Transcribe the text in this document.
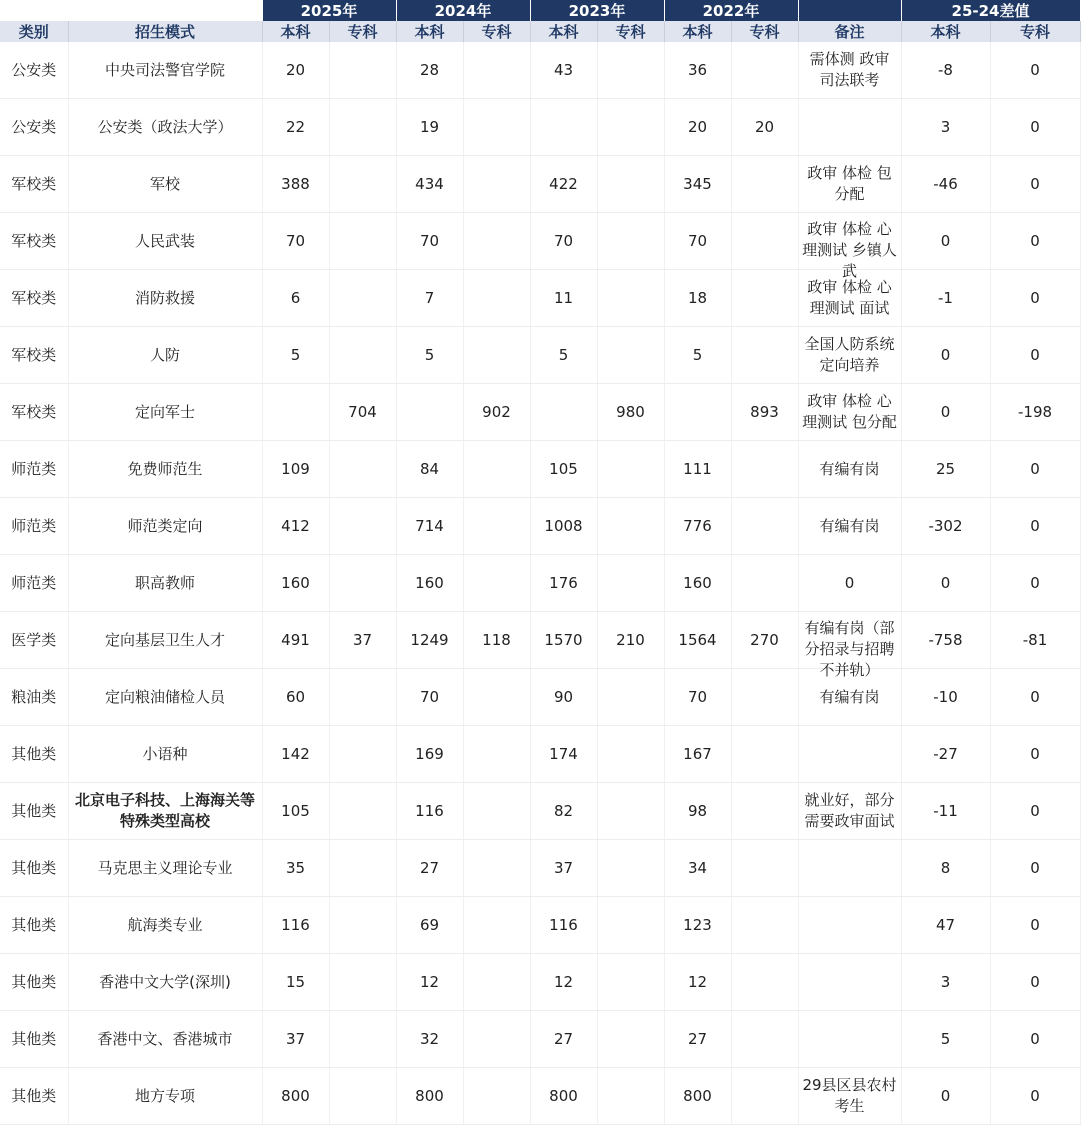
		2025年		2024年		2023年		2022年			25-24差值	
类别	招生模式	本科	专科	本科	专科	本科	专科	本科	专科	备注	本科	专科
公安类	中央司法警官学院	20		28		43		36		需体测 政审 司法联考	-8	0
公安类	公安类（政法大学）	22		19				20	20		3	0
军校类	军校	388		434		422		345		政审 体检 包分配	-46	0
军校类	人民武装	70		70		70		70		政审 体检 心理测试 乡镇人武	0	0
军校类	消防救援	6		7		11		18		政审 体检 心理测试 面试	-1	0
军校类	人防	5		5		5		5		全国人防系统定向培养	0	0
军校类	定向军士		704		902		980		893	政审 体检 心理测试 包分配	0	-198
师范类	免费师范生	109		84		105		111		有编有岗	25	0
师范类	师范类定向	412		714		1008		776		有编有岗	-302	0
师范类	职高教师	160		160		176		160		0	0	0
医学类	定向基层卫生人才	491	37	1249	118	1570	210	1564	270	有编有岗（部分招录与招聘不并轨）	-758	-81
粮油类	定向粮油储检人员	60		70		90		70		有编有岗	-10	0
其他类	小语种	142		169		174		167			-27	0
其他类	北京电子科技、上海海关等特殊类型高校	105		116		82		98		就业好，部分需要政审面试	-11	0
其他类	马克思主义理论专业	35		27		37		34			8	0
其他类	航海类专业	116		69		116		123			47	0
其他类	香港中文大学(深圳)	15		12		12		12			3	0
其他类	香港中文、香港城市	37		32		27		27			5	0
其他类	地方专项	800		800		800		800		29县区县农村考生	0	0
